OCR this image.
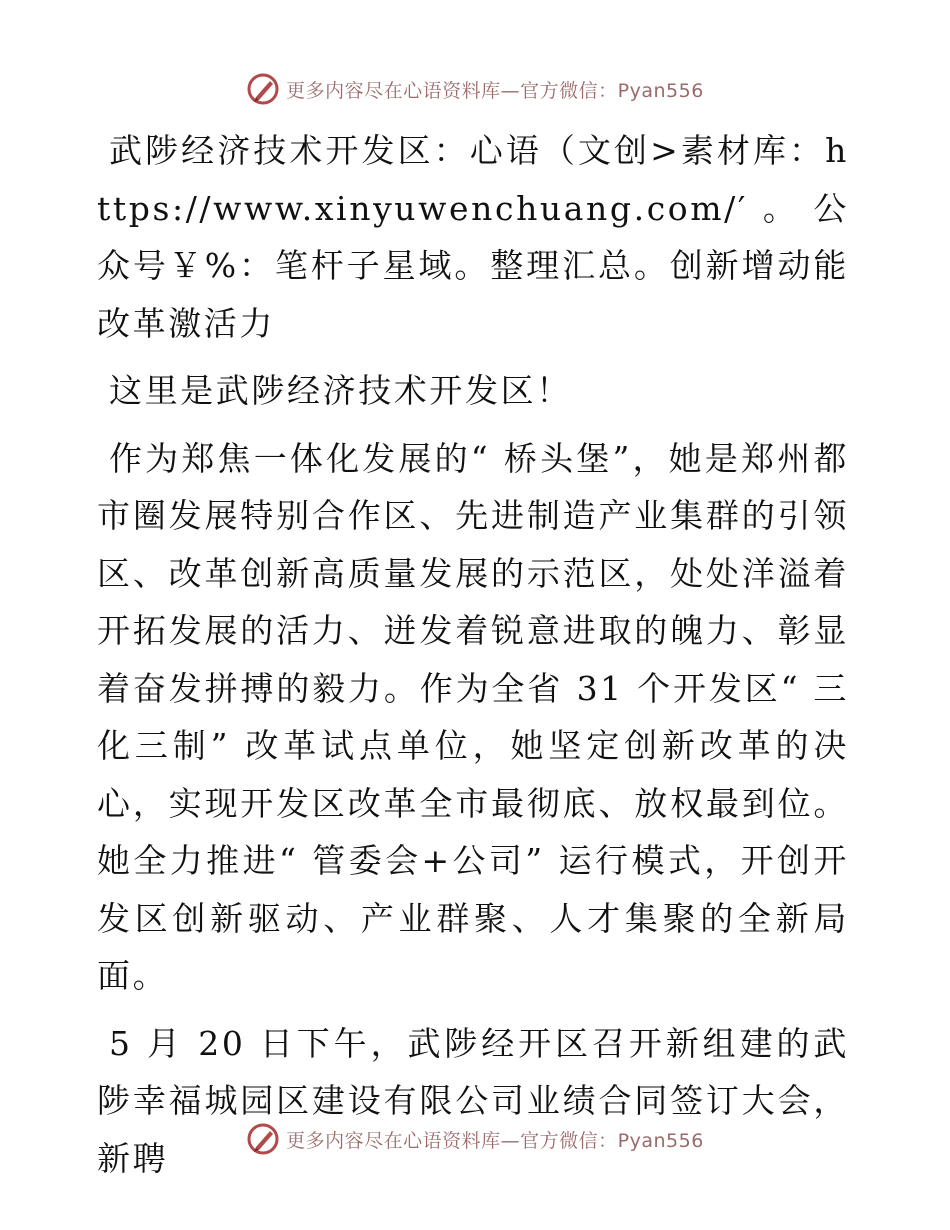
更多内容尽在心语资料库—官方微信：Pyan556

武陟经济技术开发区：心语（文创>素材库：https://www.xinyuwenchuang.com/′。公众号￥%：笔杆子星域。整理汇总。创新增动能　改革激活力

这里是武陟经济技术开发区！

作为郑焦一体化发展的“ 桥头堡”，她是郑州都市圈发展特别合作区、先进制造产业集群的引领区、改革创新高质量发展的示范区，处处洋溢着开拓发展的活力、迸发着锐意进取的魄力、彰显着奋发拼搏的毅力。作为全省 31 个开发区“ 三化三制” 改革试点单位，她坚定创新改革的决心，实现开发区改革全市最彻底、放权最到位。她全力推进“ 管委会+公司” 运行模式，开创开发区创新驱动、产业群聚、人才集聚的全新局面。

5 月 20 日下午，武陟经开区召开新组建的武陟幸福城园区建设有限公司业绩合同签订大会，新聘	更多内容尽在心语资料库—官方微信：Pyan556
